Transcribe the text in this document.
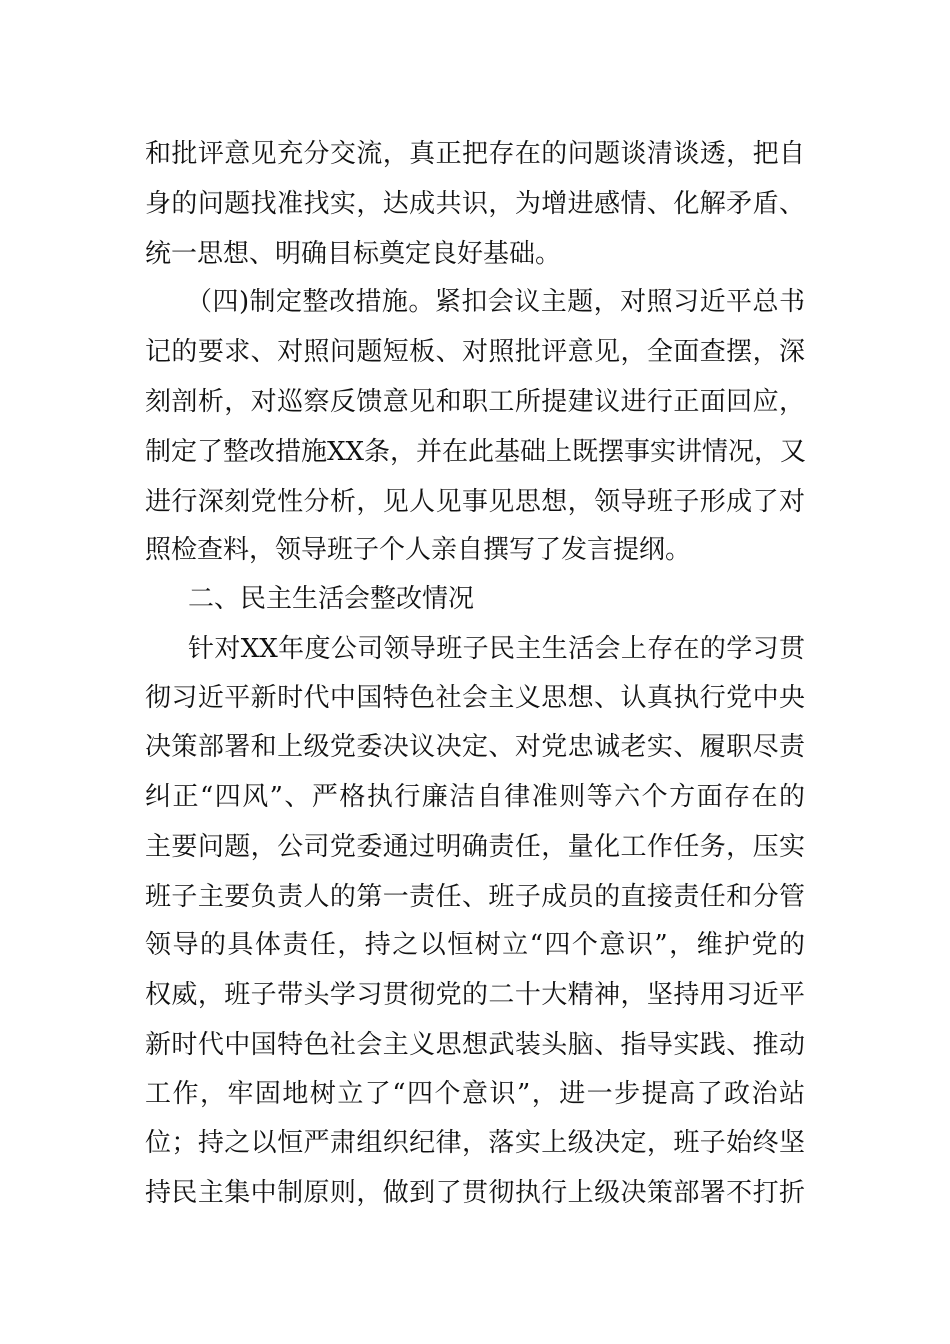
和批评意见充分交流，真正把存在的问题谈清谈透，把自
身的问题找准找实，达成共识，为增进感情、化解矛盾、
统一思想、明确目标奠定良好基础。
（四)制定整改措施。紧扣会议主题，对照习近平总书
记的要求、对照问题短板、对照批评意见，全面查摆，深
刻剖析，对巡察反馈意见和职工所提建议进行正面回应，
制定了整改措施XX条，并在此基础上既摆事实讲情况，又
进行深刻党性分析，见人见事见思想，领导班子形成了对
照检查料，领导班子个人亲自撰写了发言提纲。
二、民主生活会整改情况
针对XX年度公司领导班子民主生活会上存在的学习贯
彻习近平新时代中国特色社会主义思想、认真执行党中央
决策部署和上级党委决议决定、对党忠诚老实、履职尽责
纠正“四风”、严格执行廉洁自律准则等六个方面存在的
主要问题，公司党委通过明确责任，量化工作任务，压实
班子主要负责人的第一责任、班子成员的直接责任和分管
领导的具体责任，持之以恒树立“四个意识”，维护党的
权威，班子带头学习贯彻党的二十大精神，坚持用习近平
新时代中国特色社会主义思想武装头脑、指导实践、推动
工作，牢固地树立了“四个意识”，进一步提高了政治站
位；持之以恒严肃组织纪律，落实上级决定，班子始终坚
持民主集中制原则，做到了贯彻执行上级决策部署不打折
